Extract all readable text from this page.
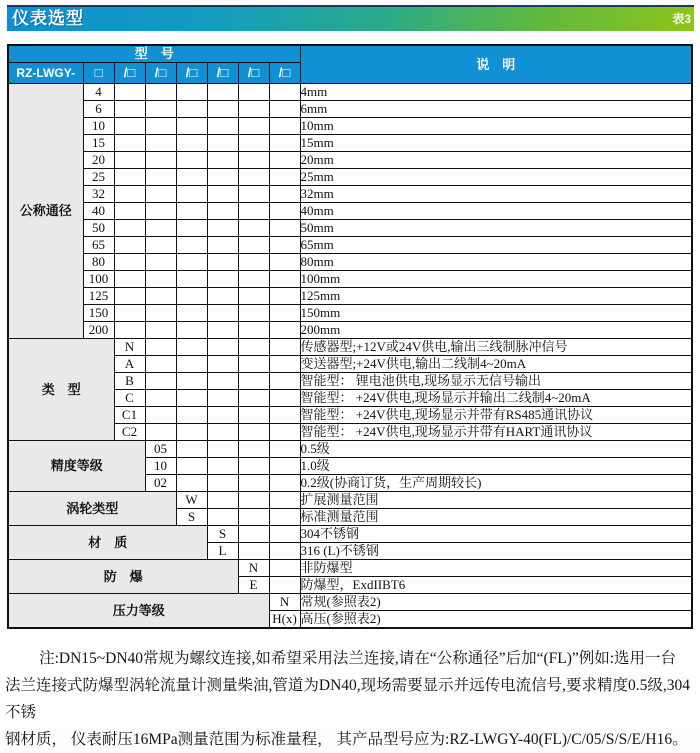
仪表选型	表3
型　号								说　明
RZ-LWGY-	□	/□	/□	/□	/□	/□	/□	
公称通径	4							4mm
	6							6mm
	10							10mm
	15							15mm
	20							20mm
	25							25mm
	32							32mm
	40							40mm
	50							50mm
	65							65mm
	80							80mm
	100							100mm
	125							125mm
	150							150mm
	200							200mm
类　型		N						传感器型;+12V或24V供电,输出三线制脉冲信号
		A						变送器型;+24V供电,输出二线制4~20mA
		B						智能型： 锂电池供电,现场显示无信号输出
		C						智能型： +24V供电,现场显示并输出二线制4~20mA
		C1						智能型： +24V供电,现场显示并带有RS485通讯协议
		C2						智能型： +24V供电,现场显示并带有HART通讯协议
精度等级			05					0.5级
			10					1.0级
			02					0.2级(协商订货，生产周期较长)
涡轮类型				W				扩展测量范围
				S				标准测量范围
材　质					S			304不锈钢
					L			316 (L)不锈钢
防　爆						N		非防爆型
						E		防爆型，ExdIIBT6
压力等级							N	常规(参照表2)
							H(x)	高压(参照表2)
注:DN15~DN40常规为螺纹连接,如希望采用法兰连接,请在“公称通径”后加“(FL)”例如:选用一台
法兰连接式防爆型涡轮流量计测量柴油,管道为DN40,现场需要显示并远传电流信号,要求精度0.5级,304不锈
钢材质， 仪表耐压16MPa测量范围为标准量程， 其产品型号应为:RZ-LWGY-40(FL)/C/05/S/S/E/H16。
